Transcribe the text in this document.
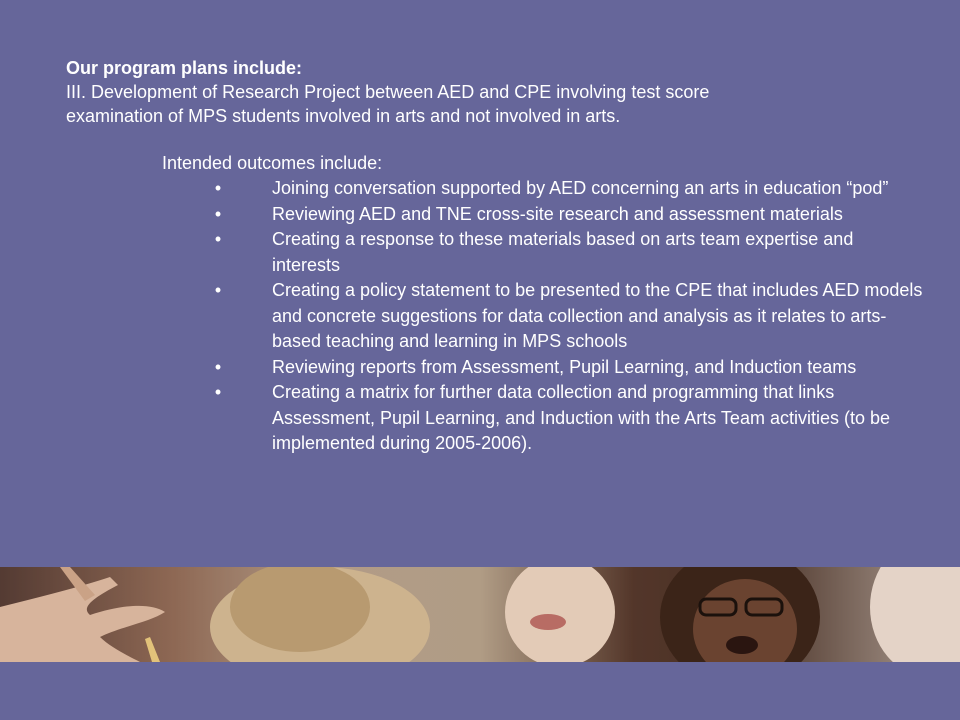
Our program plans include:

III. Development of Research Project between AED and CPE involving test score
examination of MPS students involved in arts and not involved in arts.

Intended outcomes include:
•	Joining conversation supported by AED concerning an arts in education “pod”
•	Reviewing AED and TNE cross-site research and assessment materials
•	Creating a response to these materials based on arts team expertise and interests
•	Creating a policy statement to be presented to the CPE that includes AED models and concrete suggestions for data collection and analysis as it relates to arts-based teaching and learning in MPS schools
•	Reviewing reports from Assessment, Pupil Learning, and Induction teams
•	Creating a matrix for further data collection and programming that links Assessment, Pupil Learning, and Induction with the Arts Team activities (to be implemented during 2005-2006).
